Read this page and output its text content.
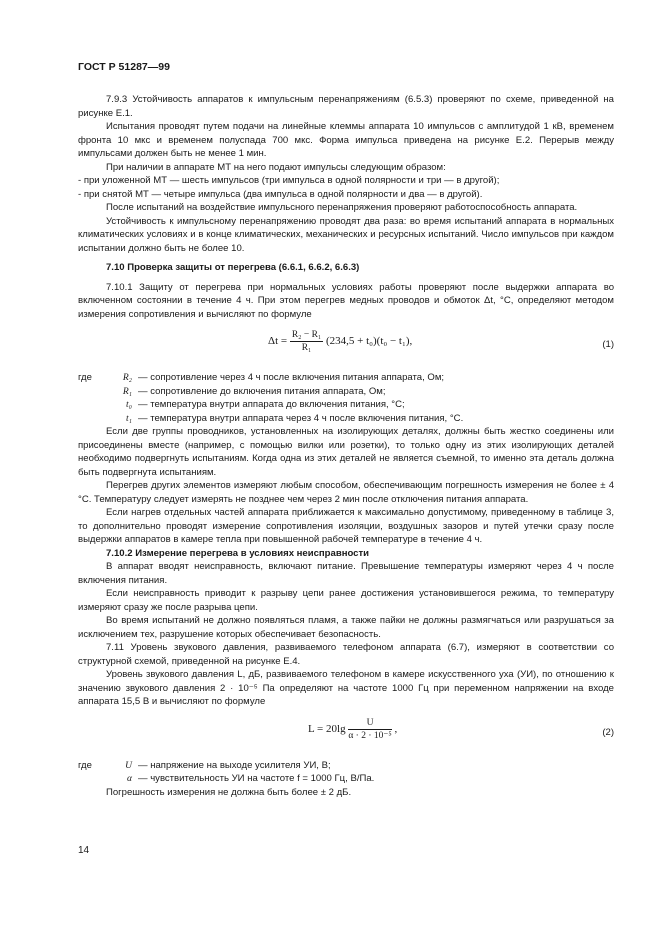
ГОСТ Р 51287—99

7.9.3 Устойчивость аппаратов к импульсным перенапряжениям (6.5.3) проверяют по схеме, приведенной на рисунке Е.1.

Испытания проводят путем подачи на линейные клеммы аппарата 10 импульсов с амплитудой 1 кВ, временем фронта 10 мкс и временем полуспада 700 мкс. Форма импульса приведена на рисунке Е.2. Перерыв между импульсами должен быть не менее 1 мин.

При наличии в аппарате МТ на него подают импульсы следующим образом:

- при уложенной МТ — шесть импульсов (три импульса в одной полярности и три — в другой);

- при снятой МТ — четыре импульса (два импульса в одной полярности и два — в другой).

После испытаний на воздействие импульсного перенапряжения проверяют работоспособность аппарата.

Устойчивость к импульсному перенапряжению проводят два раза: во время испытаний аппарата в нормальных климатических условиях и в конце климатических, механических и ресурсных испытаний. Число импульсов при каждом испытании должно быть не более 10.

7.10 Проверка защиты от перегрева (6.6.1, 6.6.2, 6.6.3)

7.10.1 Защиту от перегрева при нормальных условиях работы проверяют после выдержки аппарата во включенном состоянии в течение 4 ч. При этом перегрев медных проводов и обмоток Δt, °С, определяют методом измерения сопротивления и вычисляют по формуле

$\Delta t = \frac{\text{R₂ − R₁}}{\text{R₁}} (234,5 + t_0)(t_0 - t_1)$,	(1)
где	R₂ — сопротивление через 4 ч после включения питания аппарата, Ом;
R₁ — сопротивление до включения питания аппарата, Ом;
t₀ — температура внутри аппарата до включения питания, °С;
t₁ — температура внутри аппарата через 4 ч после включения питания, °С.

Если две группы проводников, установленных на изолирующих деталях, должны быть жестко соединены или присоединены вместе (например, с помощью вилки или розетки), то только одну из этих изолирующих деталей необходимо подвергнуть испытаниям. Когда одна из этих деталей не является съемной, то именно эта деталь должна быть подвергнута испытаниям.

Перегрев других элементов измеряют любым способом, обеспечивающим погрешность измерения не более ± 4 °С. Температуру следует измерять не позднее чем через 2 мин после отключения питания аппарата.

Если нагрев отдельных частей аппарата приближается к максимально допустимому, приведенному в таблице 3, то дополнительно проводят измерение сопротивления изоляции, воздушных зазоров и путей утечки сразу после выдержки аппаратов в камере тепла при повышенной рабочей температуре в течение 4 ч.

7.10.2 Измерение перегрева в условиях неисправности

В аппарат вводят неисправность, включают питание. Превышение температуры измеряют через 4 ч после включения питания.

Если неисправность приводит к разрыву цепи ранее достижения установившегося режима, то температуру измеряют сразу же после разрыва цепи.

Во время испытаний не должно появляться пламя, а также пайки не должны размягчаться или разрушаться за исключением тех, разрушение которых обеспечивает безопасность.

7.11 Уровень звукового давления, развиваемого телефоном аппарата (6.7), измеряют в соответствии со структурной схемой, приведенной на рисунке Е.4.

Уровень звукового давления L, дБ, развиваемого телефоном в камере искусственного уха (УИ), по отношению к значению звукового давления 2 · 10⁻⁵ Па определяют на частоте 1000 Гц при переменном напряжении на входе аппарата 15,5 В и вычисляют по формуле

$L = 20\lg \frac{U}{\text{α · 2 · 10⁻⁵}}$ ,	(2)
где	U — напряжение на выходе усилителя УИ, В;
α — чувствительность УИ на частоте f = 1000 Гц, В/Па.

Погрешность измерения не должна быть более ± 2 дБ.

14
